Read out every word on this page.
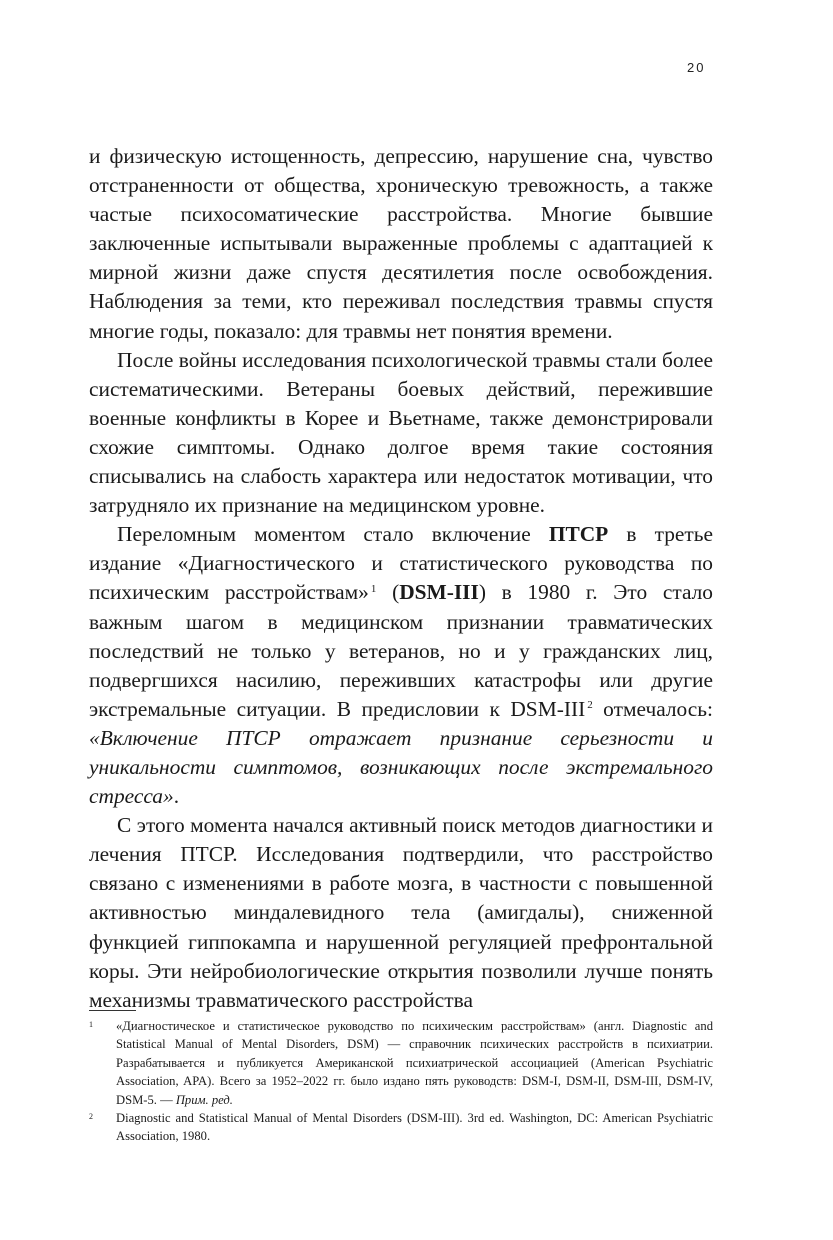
20

и физическую истощенность, депрессию, нарушение сна, чувство отстраненности от общества, хроническую тревожность, а также частые психосоматические расстройства. Многие бывшие заключенные испытывали выраженные проблемы с адаптацией к мирной жизни даже спустя десятилетия после освобождения. Наблюдения за теми, кто переживал последствия травмы спустя многие годы, показало: для травмы нет понятия времени.

После войны исследования психологической травмы стали более систематическими. Ветераны боевых действий, пережившие военные конфликты в Корее и Вьетнаме, также демонстрировали схожие симптомы. Однако долгое время такие состояния списывались на слабость характера или недостаток мотивации, что затрудняло их признание на медицинском уровне.

Переломным моментом стало включение ПТСР в третье издание «Диагностического и статистического руководства по психическим расстройствам» $^1$ (DSM-III) в 1980 г. Это стало важным шагом в медицинском признании травматических последствий не только у ветеранов, но и у гражданских лиц, подвергшихся насилию, переживших катастрофы или другие экстремальные ситуации. В предисловии к DSM-III $^2$ отмечалось: «Включение ПТСР отражает признание серьезности и уникальности симптомов, возникающих после экстремального стресса».

С этого момента начался активный поиск методов диагностики и лечения ПТСР. Исследования подтвердили, что расстройство связано с изменениями в работе мозга, в частности с повышенной активностью миндалевидного тела (амигдалы), сниженной функцией гиппокампа и нарушенной регуляцией префронтальной коры. Эти нейробиологические открытия позволили лучше понять механизмы травматического расстройства

1 «Диагностическое и статистическое руководство по психическим расстройствам» (англ. Diagnostic and Statistical Manual of Mental Disorders, DSM) — справочник психических расстройств в психиатрии. Разрабатывается и публикуется Американской психиатрической ассоциацией (American Psychiatric Association, APA). Всего за 1952–2022 гг. было издано пять руководств: DSM-I, DSM-II, DSM-III, DSM-IV, DSM-5. — Прим. ред.
2 Diagnostic and Statistical Manual of Mental Disorders (DSM-III). 3rd ed. Washington, DC: American Psychiatric Association, 1980.
